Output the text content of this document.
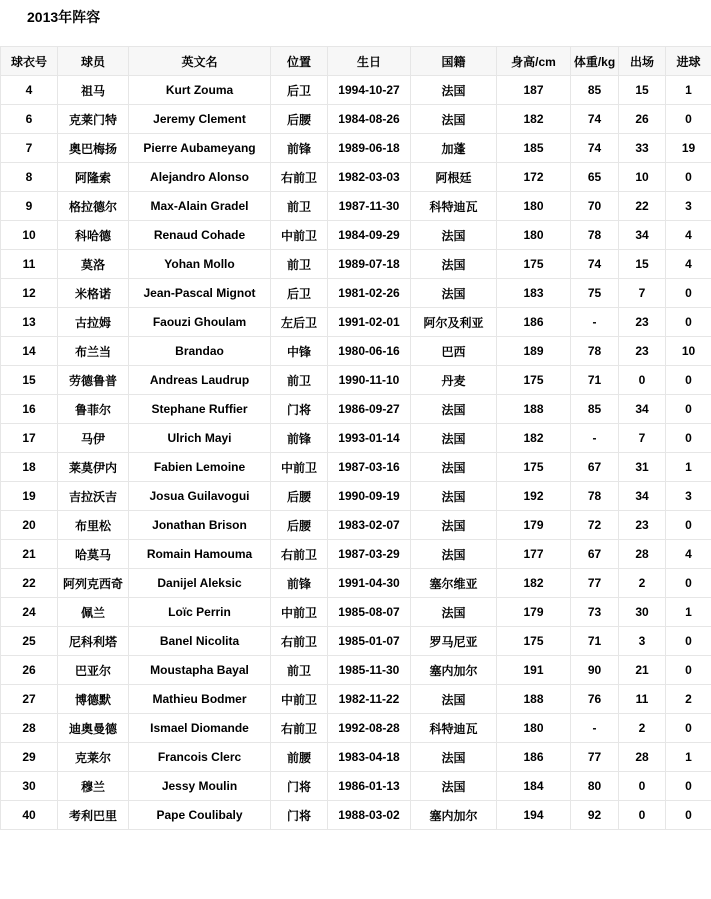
2013年阵容
球衣号	球员	英文名	位置	生日	国籍	身高/cm	体重/kg	出场	进球
4	祖马	Kurt Zouma	后卫	1994-10-27	法国	187	85	15	1
6	克莱门特	Jeremy Clement	后腰	1984-08-26	法国	182	74	26	0
7	奥巴梅扬	Pierre Aubameyang	前锋	1989-06-18	加蓬	185	74	33	19
8	阿隆索	Alejandro Alonso	右前卫	1982-03-03	阿根廷	172	65	10	0
9	格拉德尔	Max-Alain Gradel	前卫	1987-11-30	科特迪瓦	180	70	22	3
10	科哈德	Renaud Cohade	中前卫	1984-09-29	法国	180	78	34	4
11	莫洛	Yohan Mollo	前卫	1989-07-18	法国	175	74	15	4
12	米格诺	Jean-Pascal Mignot	后卫	1981-02-26	法国	183	75	7	0
13	古拉姆	Faouzi Ghoulam	左后卫	1991-02-01	阿尔及利亚	186	-	23	0
14	布兰当	Brandao	中锋	1980-06-16	巴西	189	78	23	10
15	劳德鲁普	Andreas Laudrup	前卫	1990-11-10	丹麦	175	71	0	0
16	鲁菲尔	Stephane Ruffier	门将	1986-09-27	法国	188	85	34	0
17	马伊	Ulrich Mayi	前锋	1993-01-14	法国	182	-	7	0
18	莱莫伊内	Fabien Lemoine	中前卫	1987-03-16	法国	175	67	31	1
19	吉拉沃吉	Josua Guilavogui	后腰	1990-09-19	法国	192	78	34	3
20	布里松	Jonathan Brison	后腰	1983-02-07	法国	179	72	23	0
21	哈莫马	Romain Hamouma	右前卫	1987-03-29	法国	177	67	28	4
22	阿列克西奇	Danijel Aleksic	前锋	1991-04-30	塞尔维亚	182	77	2	0
24	佩兰	Loïc Perrin	中前卫	1985-08-07	法国	179	73	30	1
25	尼科利塔	Banel Nicolita	右前卫	1985-01-07	罗马尼亚	175	71	3	0
26	巴亚尔	Moustapha Bayal	前卫	1985-11-30	塞内加尔	191	90	21	0
27	博德默	Mathieu Bodmer	中前卫	1982-11-22	法国	188	76	11	2
28	迪奥曼德	Ismael Diomande	右前卫	1992-08-28	科特迪瓦	180	-	2	0
29	克莱尔	Francois Clerc	前腰	1983-04-18	法国	186	77	28	1
30	穆兰	Jessy Moulin	门将	1986-01-13	法国	184	80	0	0
40	考利巴里	Pape Coulibaly	门将	1988-03-02	塞内加尔	194	92	0	0
